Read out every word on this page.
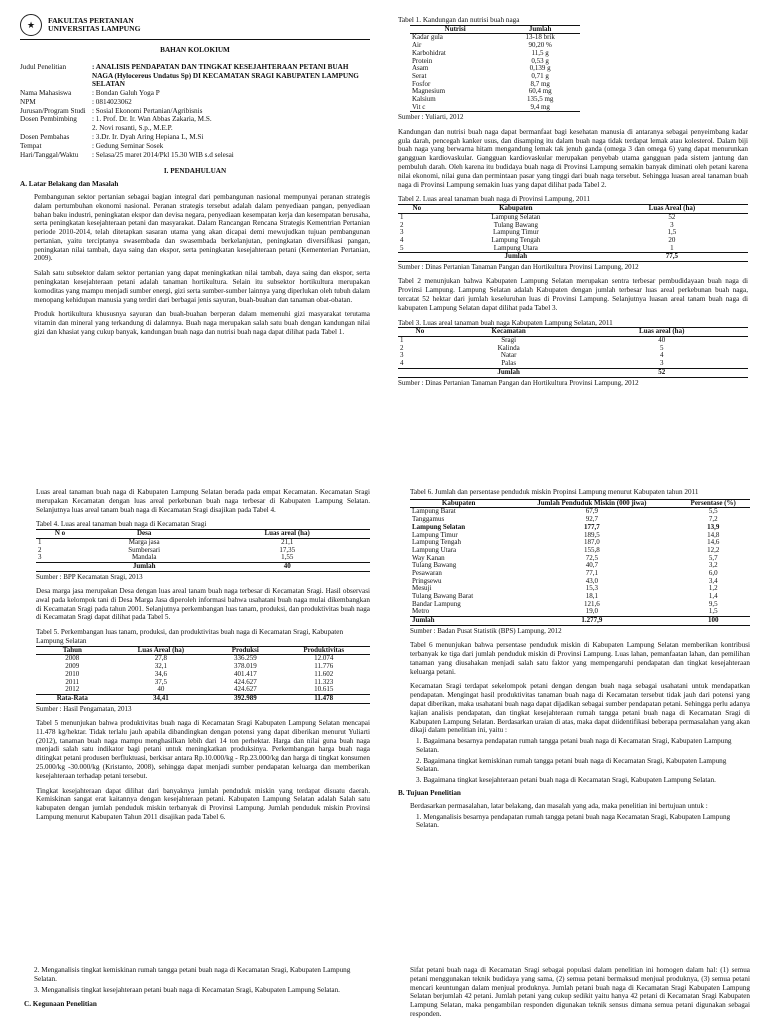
★	FAKULTAS PERTANIAN
UNIVERSITAS LAMPUNG
BAHAN KOLOKIUM
Judul Penelitian	: ANALISIS PENDAPATAN DAN TINGKAT KESEJAHTERAAN PETANI BUAH NAGA (Hylocereus Undatus Sp) DI KECAMATAN SRAGI KABUPATEN LAMPUNG SELATAN
Nama Mahasiswa	: Bondan Galuh Yoga P
NPM	: 0814023062
Jurusan/Program Studi : Sosial Ekonomi Pertanian/Agribisnis
Dosen Pembimbing	: 1. Prof. Dr. Ir. Wan Abbas Zakaria, M.S.
2. Novi rosanti, S.p., M.E.P.
Dosen Pembahas	: 3.Dr. Ir. Dyah Aring Hepiana L, M.Si
Tempat	: Gedung Seminar Sosek
Hari/Tanggal/Waktu	: Selasa/25 maret 2014/Pkl 15.30 WIB s.d selesai
I. PENDAHULUAN
A. Latar Belakang dan Masalah

Pembangunan sektor pertanian sebagai bagian integral dari pembangunan nasional mempunyai peranan strategis dalam pertumbuhan ekonomi nasional. Peranan strategis tersebut adalah dalam penyediaan pangan, penyediaan bahan baku industri, peningkatan ekspor dan devisa negara, penyediaan kesempatan kerja dan kesempatan berusaha, serta peningkatan kesejahteraan petani dan masyarakat. Dalam Rancangan Rencana Strategis Kementrian Pertanian periode 2010-2014, telah ditetapkan sasaran utama yang akan dicapai demi mewujudkan tujuan pembangunan pertanian, yaitu terciptanya swasembada dan swasembada berkelanjutan, peningkatan diversifikasi pangan, peningkatan nilai tambah, daya saing dan ekspor, serta peningkatan kesejahteraan petani (Kementerian Pertanian, 2009).

Salah satu subsektor dalam sektor pertanian yang dapat meningkatkan nilai tambah, daya saing dan ekspor, serta peningkatan kesejahteraan petani adalah tanaman hortikultura. Selain itu subsektor hortikultura merupakan komoditas yang mampu menjadi sumber energi, gizi serta sumber-sumber lainnya yang diperlukan oleh tubuh dalam menopang kehidupan manusia yang terdiri dari berbagai jenis sayuran, buah-buahan dan tanaman obat-obatan.

Produk hortikultura khususnya sayuran dan buah-buahan berperan dalam memenuhi gizi masyarakat terutama vitamin dan mineral yang terkandung di dalamnya. Buah naga merupakan salah satu buah dengan kandungan nilai gizi dan khasiat yang cukup banyak, kandungan buah naga dan nutrisi buah naga dapat dilihat pada Tabel 1.

Tabel 1. Kandungan dan nutrisi buah naga
Nutrisi	Jumlah
Kadar gula	13-18 brik
Air	90,20 %
Karbohidrat	11,5 g
Protein	0,53 g
Asam	0,139 g
Serat	0,71 g
Fosfor	8,7 mg
Magnesium	60,4 mg
Kalsium	135,5 mg
Vit c	9,4 mg
Sumber : Yuliarti, 2012

Kandungan dan nutrisi buah naga dapat bermanfaat bagi kesehatan manusia di antaranya sebagai penyeimbang kadar gula darah, pencegah kanker usus, dan disamping itu dalam buah naga tidak terdapat lemak atau kolesterol. Dalam biji buah naga yang berwarna hitam mengandung lemak tak jenuh ganda (omega 3 dan omega 6) yang dapat menurunkan gangguan kardiovaskular. Gangguan kardiovaskular merupakan penyebab utama gangguan pada sistem jantung dan pembuluh darah. Oleh karena itu budidaya buah naga di Provinsi Lampung semakin banyak diminati oleh petani karena nilai ekonomi, nilai guna dan permintaan pasar yang tinggi dari buah naga tersebut. Sehingga luasan areal tanaman buah naga di Provinsi Lampung semakin luas yang dapat dilihat pada Tabel 2.

Tabel 2. Luas areal tanaman buah naga di Provinsi Lampung, 2011
No	Kabupaten	Luas Areal (ha)
1	Lampung Selatan	52
2	Tulang Bawang	3
3	Lampung Timur	1,5
4	Lampung Tengah	20
5	Lampung Utara	1
	Jumlah	77,5
Sumber : Dinas Pertanian Tanaman Pangan dan Hortikultura Provinsi Lampung, 2012

Tabel 2 menunjukan bahwa Kabupaten Lampung Selatan merupakan sentra terbesar pembudidayaan buah naga di Provinsi Lampung. Lampung Selatan adalah Kabupaten dengan jumlah terbesar luas areal perkebunan buah naga, tercatat 52 hektar dari jumlah keseluruhan luas di Provinsi Lampung. Selanjutnya luasan areal tanam buah naga di kabupaten Lampung Selatan dapat dilihat pada Tabel 3.

Tabel 3. Luas areal tanaman buah naga Kabupaten Lampung Selatan, 2011
No	Kecamatan	Luas areal (ha)
1	Sragi	40
2	Kalinda	5
3	Natar	4
4	Palas	3
	Jumlah	52
Sumber : Dinas Pertanian Tanaman Pangan dan Hortikultura Provinsi Lampung, 2012

Luas areal tanaman buah naga di Kabupaten Lampung Selatan berada pada empat Kecamatan. Kecamatan Sragi merupakan Kecamatan dengan luas areal perkebunan buah naga terbesar di Kabupaten Lampung Selatan. Selanjutnya luas areal tanam buah naga di Kecamatan Sragi disajikan pada Tabel 4.

Tabel 4. Luas areal tanaman buah naga di Kecamatan Sragi
N o	Desa	Luas areal (ha)
1	Marga jasa	21,1
2	Sumbersari	17,35
3	Mandala	1,55
	Jumlah	40
Sumber : BPP Kecamatan Sragi, 2013

Desa marga jasa merupakan Desa dengan luas areal tanam buah naga terbesar di Kecamatan Sragi. Hasil observasi awal pada kelompok tani di Desa Marga Jasa diperoleh informasi bahwa usahatani buah naga mulai dikembangkan di Kecamatan Sragi pada tahun 2001. Selanjutnya perkembangan luas tanam, produksi, dan produktivitas buah naga di Kecamatan Sragi dapat dilihat pada Tabel 5.

Tabel 5. Perkembangan luas tanam, produksi, dan produktivitas buah naga di Kecamatan Sragi, Kabupaten Lampung Selatan
Tahun	Luas Areal (ha)	Produksi	Produktivitas
2008	27,8	336.259	12.074
2009	32,1	378.019	11.776
2010	34,6	401.417	11.602
2011	37,5	424.627	11.323
2012	40	424.627	10.615
Rata-Rata	34,41	392.989	11.478
Sumber : Hasil Pengamatan, 2013

Tabel 5 menunjukan bahwa produktivitas buah naga di Kecamatan Sragi Kabupaten Lampung Selatan mencapai 11.478 kg/hektar. Tidak terlalu jauh apabila dibandingkan dengan potensi yang dapat diberikan menurut Yuliarti (2012), tanaman buah naga mampu menghasilkan lebih dari 14 ton perhektar. Harga dan nilai guna buah naga menjadi salah satu indikator bagi petani untuk meningkatkan produksinya. Perkembangan harga buah naga ditingkat petani produsen berfluktuasi, berkisar antara Rp.10.000/kg - Rp.23.000/kg dan harga di tingkat konsumen 25.000/kg -30.000/kg (Kristanto, 2008), sehingga dapat menjadi sumber pendapatan keluarga dan memberikan kesejahteraan terhadap petani tersebut.

Tingkat kesejahteraan dapat dilihat dari banyaknya jumlah penduduk miskin yang terdapat disuatu daerah. Kemiskinan sangat erat kaitannya dengan kesejahteraan petani. Kabupaten Lampung Selatan adalah Salah satu kabupaten dengan jumlah penduduk miskin terbanyak di Provinsi Lampung. Jumlah penduduk miskin Provinsi Lampung menurut Kabupaten Tahun 2011 disajikan pada Tabel 6.

Tabel 6. Jumlah dan persentase penduduk miskin Propinsi Lampung menurut Kabupaten tahun 2011
Kabupaten	Jumlah Penduduk Miskin (000 jiwa)	Persentase (%)
Lampung Barat	67,9	5,5
Tanggamus	92,7	7,2
Lampung Selatan	177,7	13,9
Lampung Timur	189,5	14,8
Lampung Tengah	187,0	14,6
Lampung Utara	155,8	12,2
Way Kanan	72,5	5,7
Tulang Bawang	40,7	3,2
Pesawaran	77,1	6,0
Pringsewu	43,0	3,4
Mesuji	15,3	1,2
Tulang Bawang Barat	18,1	1,4
Bandar Lampung	121,6	9,5
Metro	19,0	1,5
Jumlah	1.277,9	100
Sumber : Badan Pusat Statistik (BPS) Lampung, 2012

Tabel 6 menunjukan bahwa persentase penduduk miskin di Kabupaten Lampung Selatan memberikan kontribusi terbanyak ke tiga dari jumlah penduduk miskin di Provinsi Lampung. Luas lahan, pemanfaatan lahan, dan pemilihan tanaman yang diusahakan menjadi salah satu faktor yang mempengaruhi pendapatan dan tingkat kesejahteraan keluarga petani.

Kecamatan Sragi terdapat sekelompok petani dengan dengan buah naga sebagai usahatani untuk mendapatkan pendapatan. Mengingat hasil produktivitas tanaman buah naga di Kecamatan tersebut tidak jauh dari potensi yang dapat diberikan, maka usahatani buah naga dapat dijadikan sebagai sumber pendapatan petani. Sehingga perlu adanya kajian analisis pendapatan, dan tingkat kesejahteraan rumah tangga petani buah naga di Kecamatan Sragi di Kabupaten Lampung Selatan. Berdasarkan uraian di atas, maka dapat diidentifikasi beberapa permasalahan yang akan dikaji dalam penelitian ini, yaitu :

1. Bagaimana besarnya pendapatan rumah tangga petani buah naga di Kecamatan Sragi, Kabupaten Lampung Selatan.
2. Bagaimana tingkat kemiskinan rumah tangga petani buah naga di Kecamatan Sragi, Kabupaten Lampung Selatan.
3. Bagaimana tingkat kesejahteraan petani buah naga di Kecamatan Sragi, Kabupaten Lampung Selatan.
B. Tujuan Penelitian

Berdasarkan permasalahan, latar belakang, dan masalah yang ada, maka penelitian ini bertujuan untuk :

1. Menganalisis besarnya pendapatan rumah tangga petani buah naga Kecamatan Sragi, Kabupaten Lampung Selatan.
2. Menganalisis tingkat kemiskinan rumah tangga petani buah naga di Kecamatan Sragi, Kabupaten Lampung Selatan.
3. Menganalisis tingkat kesejahteraan petani buah naga di Kecamatan Sragi, Kabupaten Lampung Selatan.
C. Kegunaan Penelitian

Sifat petani buah naga di Kecamatan Sragi sebagai populasi dalam penelitian ini homogen dalam hal: (1) semua petani menggunakan teknik budidaya yang sama, (2) semua petani bermaksud menjual produknya, (3) semua petani mencari keuntungan dalam menjual produknya. Jumlah petani buah naga di Kecamatan Sragi Kabupaten Lampung Selatan berjumlah 42 petani. Jumlah petani yang cukup sedikit yaitu hanya 42 petani di Kecamatan Sragi Kabupaten Lampung Selatan, maka pengambilan responden digunakan teknik sensus dimana semua petani digunakan sebagai responden.
